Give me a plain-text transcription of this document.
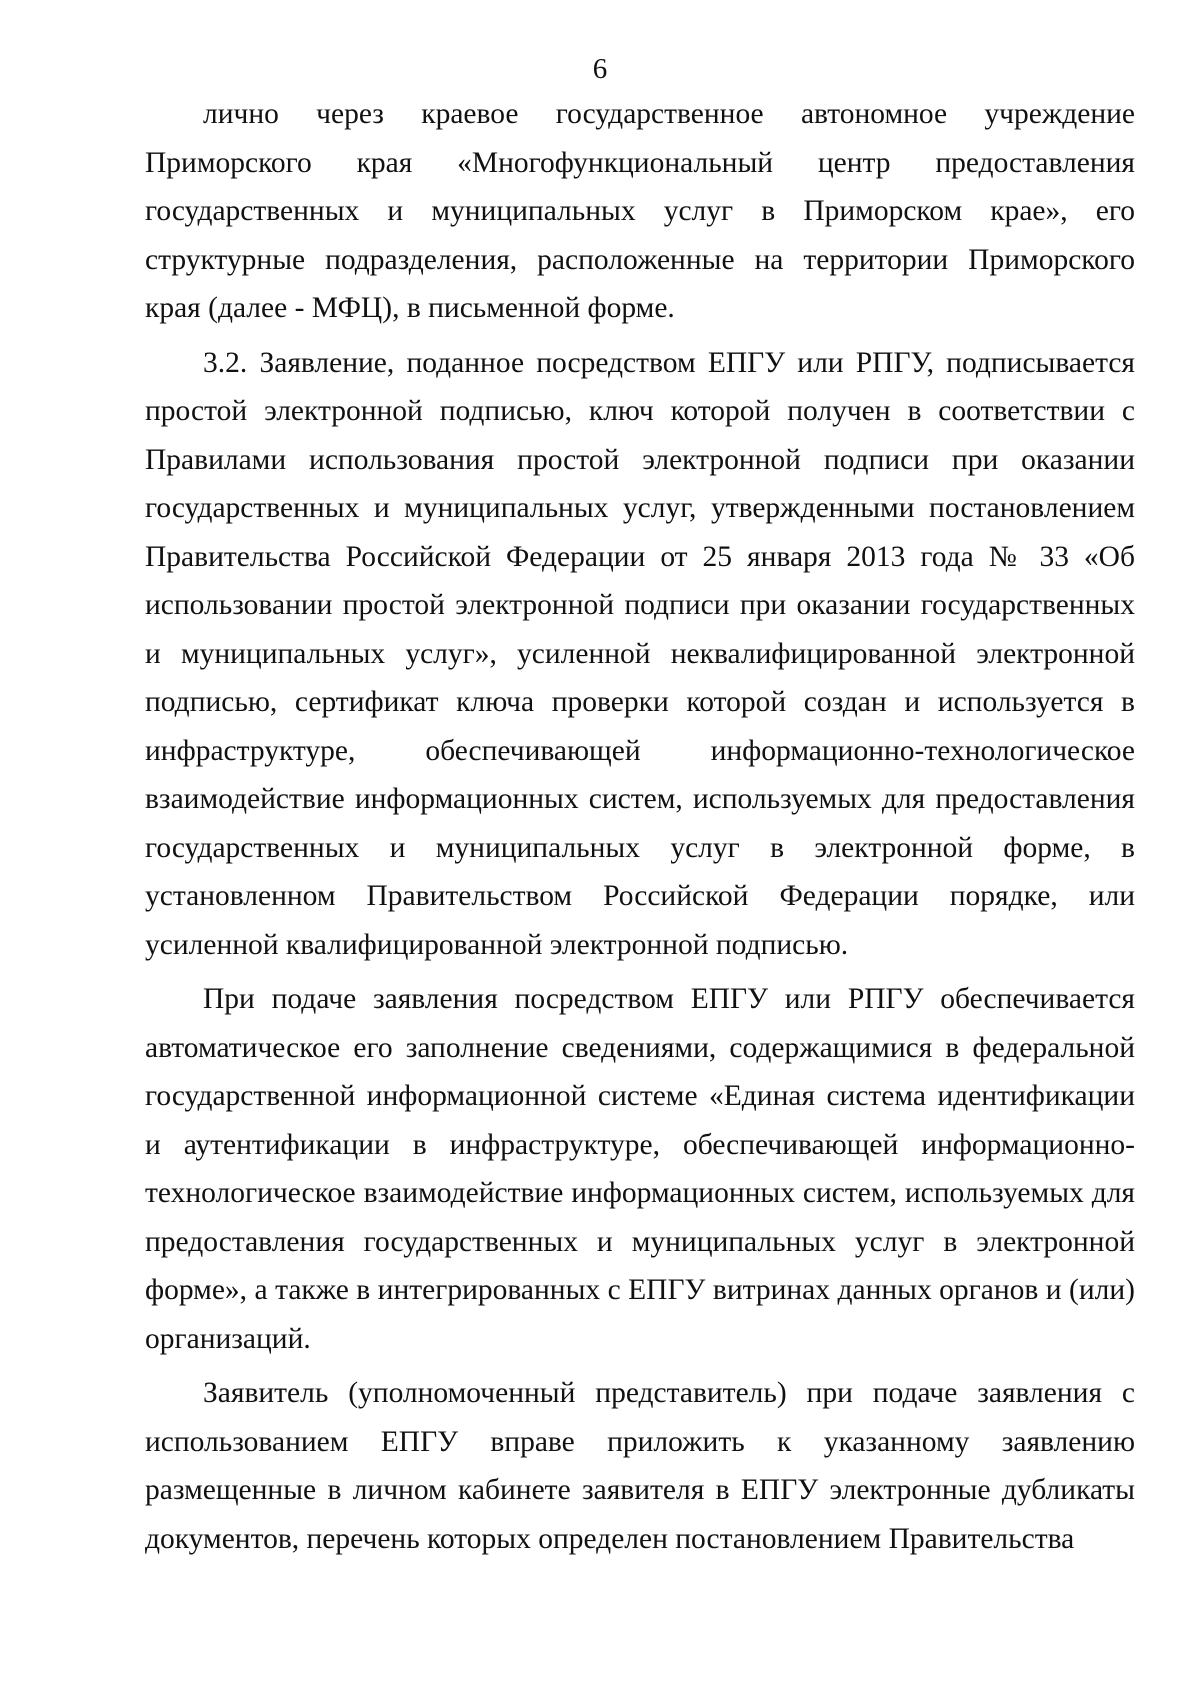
6

лично через краевое государственное автономное учреждение Приморского края «Многофункциональный центр предоставления государственных и муниципальных услуг в Приморском крае», его структурные подразделения, расположенные на территории Приморского края (далее - МФЦ), в письменной форме.

3.2. Заявление, поданное посредством ЕПГУ или РПГУ, подписывается простой электронной подписью, ключ которой получен в соответствии с Правилами использования простой электронной подписи при оказании государственных и муниципальных услуг, утвержденными постановлением Правительства Российской Федерации от 25 января 2013 года № 33 «Об использовании простой электронной подписи при оказании государственных и муниципальных услуг», усиленной неквалифицированной электронной подписью, сертификат ключа проверки которой создан и используется в инфраструктуре, обеспечивающей информационно-технологическое взаимодействие информационных систем, используемых для предоставления государственных и муниципальных услуг в электронной форме, в установленном Правительством Российской Федерации порядке, или усиленной квалифицированной электронной подписью.

При подаче заявления посредством ЕПГУ или РПГУ обеспечивается автоматическое его заполнение сведениями, содержащимися в федеральной государственной информационной системе «Единая система идентификации и аутентификации в инфраструктуре, обеспечивающей информационно-технологическое взаимодействие информационных систем, используемых для предоставления государственных и муниципальных услуг в электронной форме», а также в интегрированных с ЕПГУ витринах данных органов и (или) организаций.

Заявитель (уполномоченный представитель) при подаче заявления с использованием ЕПГУ вправе приложить к указанному заявлению размещенные в личном кабинете заявителя в ЕПГУ электронные дубликаты документов, перечень которых определен постановлением Правительства
